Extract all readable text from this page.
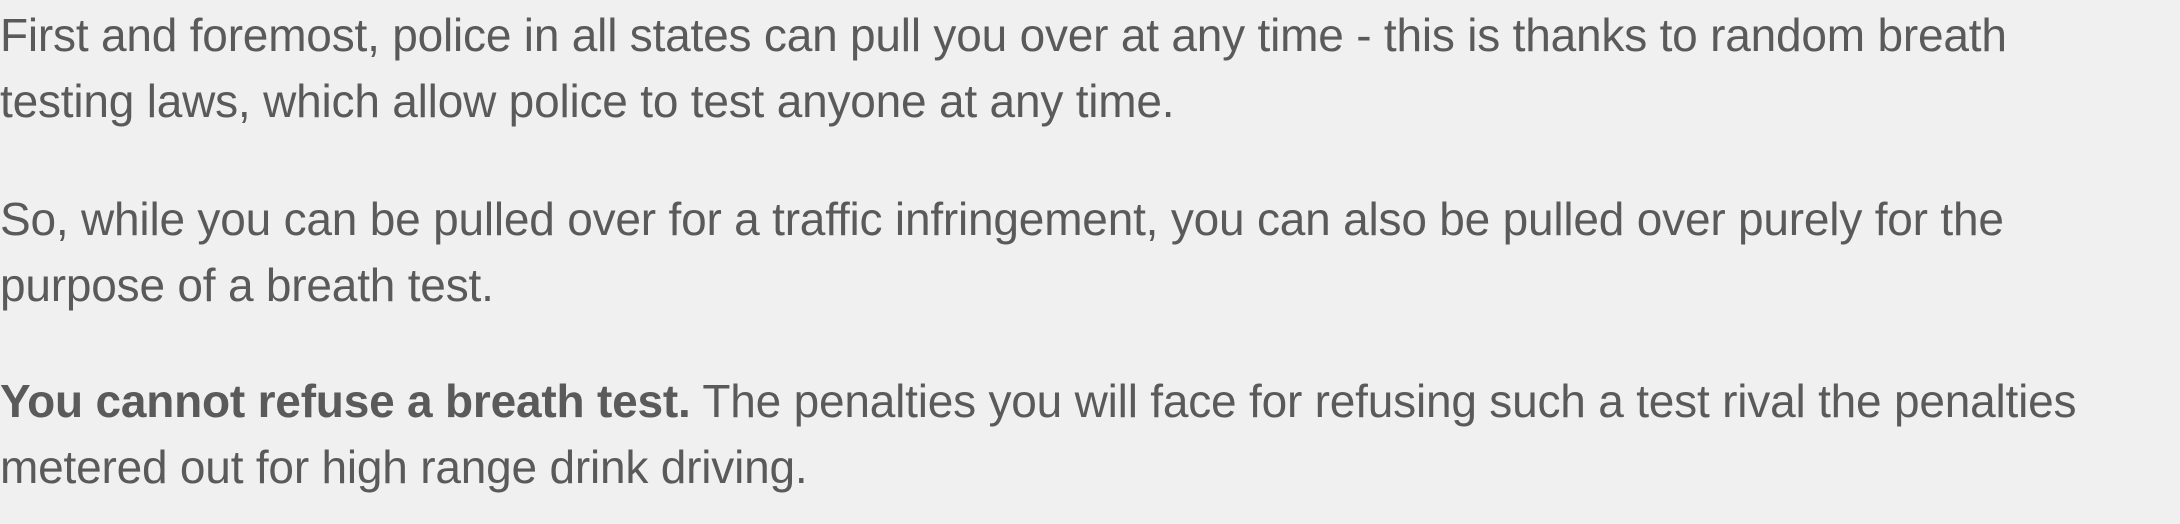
First and foremost, police in all states can pull you over at any time - this is thanks to random breath
testing laws, which allow police to test anyone at any time.

So, while you can be pulled over for a traffic infringement, you can also be pulled over purely for the
purpose of a breath test.

You cannot refuse a breath test. The penalties you will face for refusing such a test rival the penalties
metered out for high range drink driving.
